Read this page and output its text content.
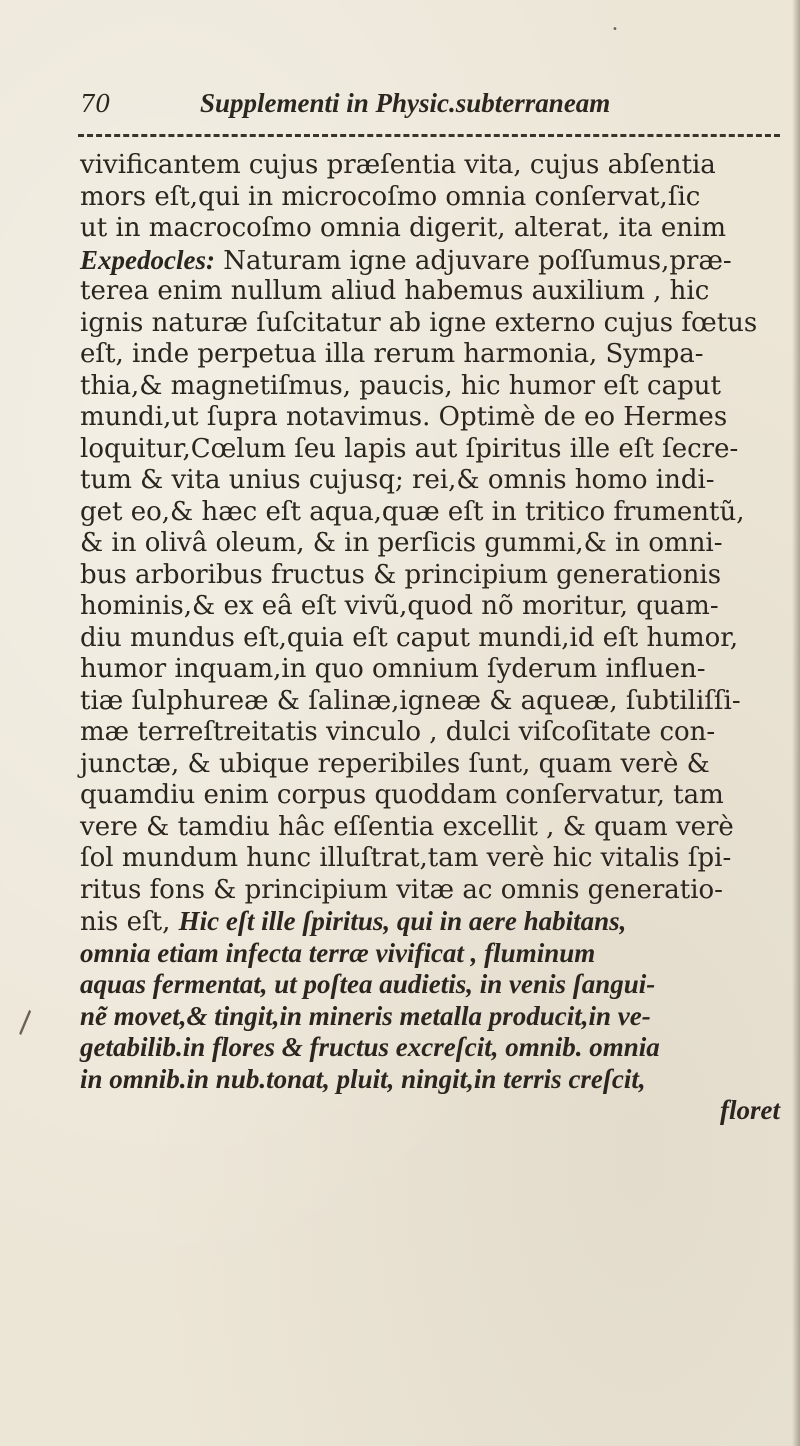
70	Supplementi in Physic.subterraneam
vivificantem cujus præſentia vita, cujus abſentia
mors eſt,qui in microcoſmo omnia conſervat,ſic
ut in macrocoſmo omnia digerit, alterat, ita enim
Expedocles: Naturam igne adjuvare poſſumus,præ-
terea enim nullum aliud habemus auxilium , hic
ignis naturæ ſuſcitatur ab igne externo cujus fœtus
eſt, inde perpetua illa rerum harmonia, Sympa-
thia,& magnetiſmus, paucis, hic humor eſt caput
mundi,ut ſupra notavimus. Optimè de eo Hermes
loquitur,Cœlum ſeu lapis aut ſpiritus ille eſt ſecre-
tum & vita unius cujusq; rei,& omnis homo indi-
get eo,& hæc eſt aqua,quæ eſt in tritico frumentũ,
& in olivâ oleum, & in perſicis gummi,& in omni-
bus arboribus fructus & principium generationis
hominis,& ex eâ eſt vivũ,quod nõ moritur, quam-
diu mundus eſt,quia eſt caput mundi,id eſt humor,
humor inquam,in quo omnium ſyderum influen-
tiæ ſulphureæ & ſalinæ,igneæ & aqueæ, ſubtiliſſi-
mæ terreſtreitatis vinculo , dulci viſcoſitate con-
junctæ, & ubique reperibiles ſunt, quam verè &
quamdiu enim corpus quoddam conſervatur, tam
vere & tamdiu hâc eſſentia excellit , & quam verè
ſol mundum hunc illuſtrat,tam verè hic vitalis ſpi-
ritus fons & principium vitæ ac omnis generatio-
nis eſt, Hic eſt ille ſpiritus, qui in aere habitans,
omnia etiam infecta terræ vivificat , fluminum
aquas fermentat, ut poſtea audietis, in venis ſangui-
nẽ movet,& tingit,in mineris metalla producit,in ve-
getabilib.in flores & fructus excreſcit, omnib. omnia
in omnib.in nub.tonat, pluit, ningit,in terris creſcit,
floret
•
\
